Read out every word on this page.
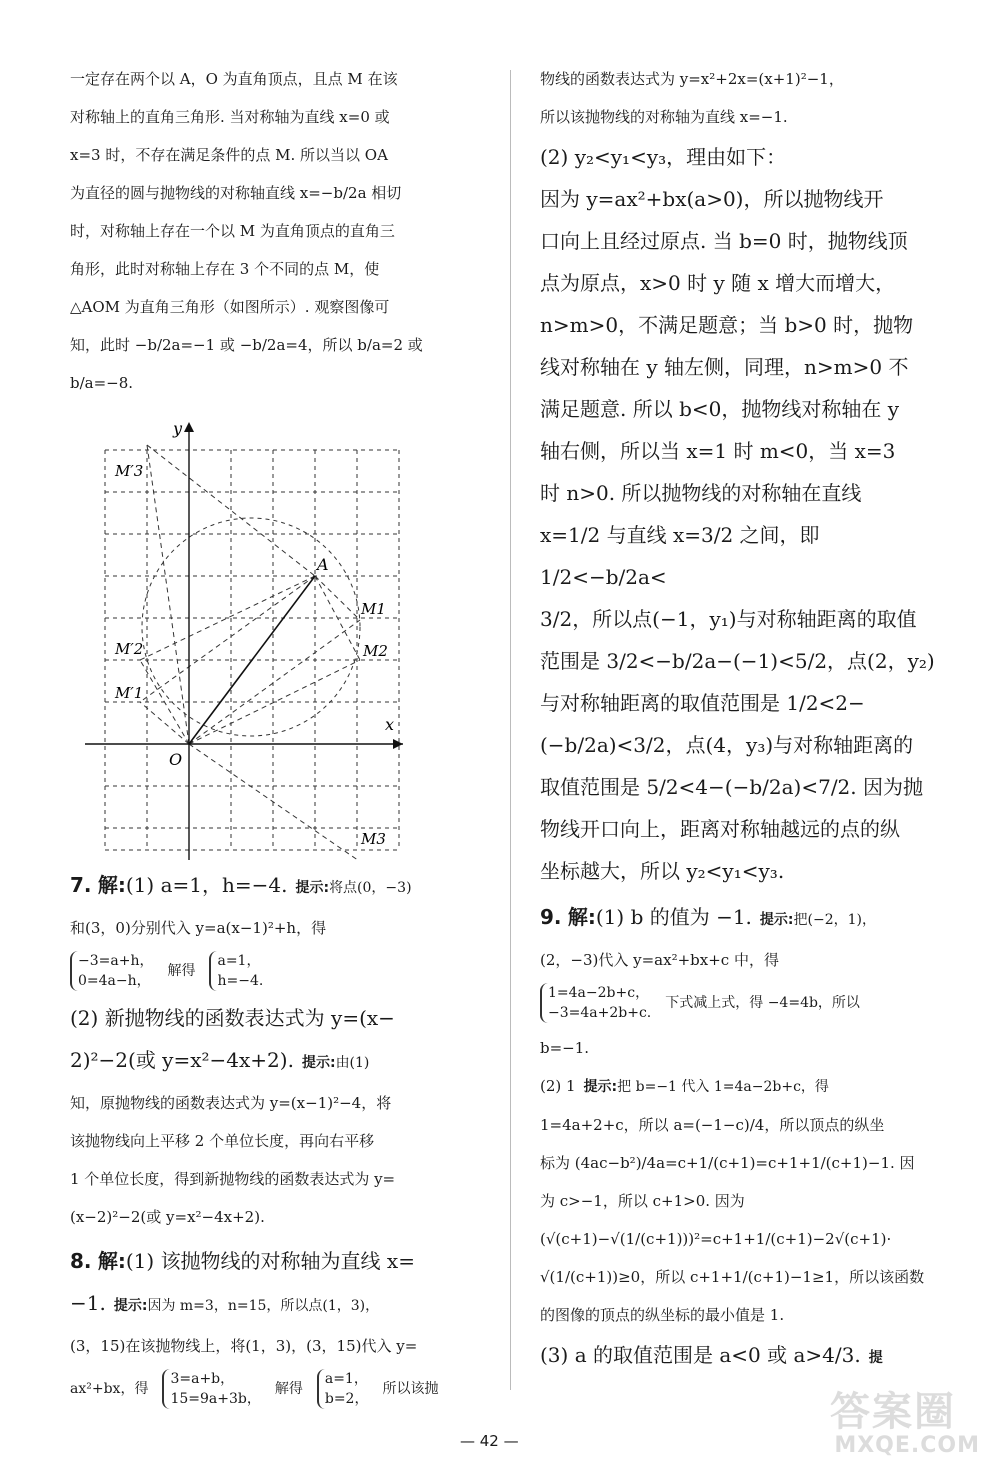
一定存在两个以 A，O 为直角顶点，且点 M 在该

对称轴上的直角三角形. 当对称轴为直线 x=0 或

x=3 时，不存在满足条件的点 M. 所以当以 OA

为直径的圆与抛物线的对称轴直线 x=−b/2a 相切

时，对称轴上存在一个以 M 为直角顶点的直角三

角形，此时对称轴上存在 3 个不同的点 M，使

△AOM 为直角三角形（如图所示）. 观察图像可

知，此时 −b/2a=−1 或 −b/2a=4，所以 b/a=2 或

b/a=−8.

x
y
O
A
M′3
M1
M′2	M2
M′1
M3

7. 解:(1) a=1，h=−4. 提示:将点(0，−3)

和(3，0)分别代入 y=a(x−1)²+h，得

−3=a+h，
0=4a−h，
解得
a=1，
h=−4.

(2) 新抛物线的函数表达式为 y=(x−

2)²−2(或 y=x²−4x+2). 提示:由(1)

知，原抛物线的函数表达式为 y=(x−1)²−4，将

该抛物线向上平移 2 个单位长度，再向右平移

1 个单位长度，得到新抛物线的函数表达式为 y=

(x−2)²−2(或 y=x²−4x+2).

8. 解:(1) 该抛物线的对称轴为直线 x=

−1. 提示:因为 m=3，n=15，所以点(1，3)，

(3，15)在该抛物线上，将(1，3)，(3，15)代入 y=

ax²+bx，得
3=a+b，
15=9a+3b，
解得
a=1，
b=2，
所以该抛

物线的函数表达式为 y=x²+2x=(x+1)²−1，

所以该抛物线的对称轴为直线 x=−1.

(2) y₂<y₁<y₃，理由如下：

因为 y=ax²+bx(a>0)，所以抛物线开

口向上且经过原点. 当 b=0 时，抛物线顶

点为原点，x>0 时 y 随 x 增大而增大，

n>m>0，不满足题意；当 b>0 时，抛物

线对称轴在 y 轴左侧，同理，n>m>0 不

满足题意. 所以 b<0，抛物线对称轴在 y

轴右侧，所以当 x=1 时 m<0，当 x=3

时 n>0. 所以抛物线的对称轴在直线

x=1/2 与直线 x=3/2 之间，即 1/2<−b/2a<

3/2，所以点(−1，y₁)与对称轴距离的取值

范围是 3/2<−b/2a−(−1)<5/2，点(2，y₂)

与对称轴距离的取值范围是 1/2<2−

(−b/2a)<3/2，点(4，y₃)与对称轴距离的

取值范围是 5/2<4−(−b/2a)<7/2. 因为抛

物线开口向上，距离对称轴越远的点的纵

坐标越大，所以 y₂<y₁<y₃.

9. 解:(1) b 的值为 −1. 提示:把(−2，1)，

(2，−3)代入 y=ax²+bx+c 中，得

1=4a−2b+c，
−3=4a+2b+c.
下式减上式，得 −4=4b，所以

b=−1.

(2) 1 提示:把 b=−1 代入 1=4a−2b+c，得

1=4a+2+c，所以 a=(−1−c)/4，所以顶点的纵坐

标为 (4ac−b²)/4a=c+1/(c+1)=c+1+1/(c+1)−1. 因

为 c>−1，所以 c+1>0. 因为

(√(c+1)−√(1/(c+1)))²=c+1+1/(c+1)−2√(c+1)·

√(1/(c+1))≥0，所以 c+1+1/(c+1)−1≥1，所以该函数

的图像的顶点的纵坐标的最小值是 1.

(3) a 的取值范围是 a<0 或 a>4/3. 提

— 42 —
答案圈
MXQE.COM
